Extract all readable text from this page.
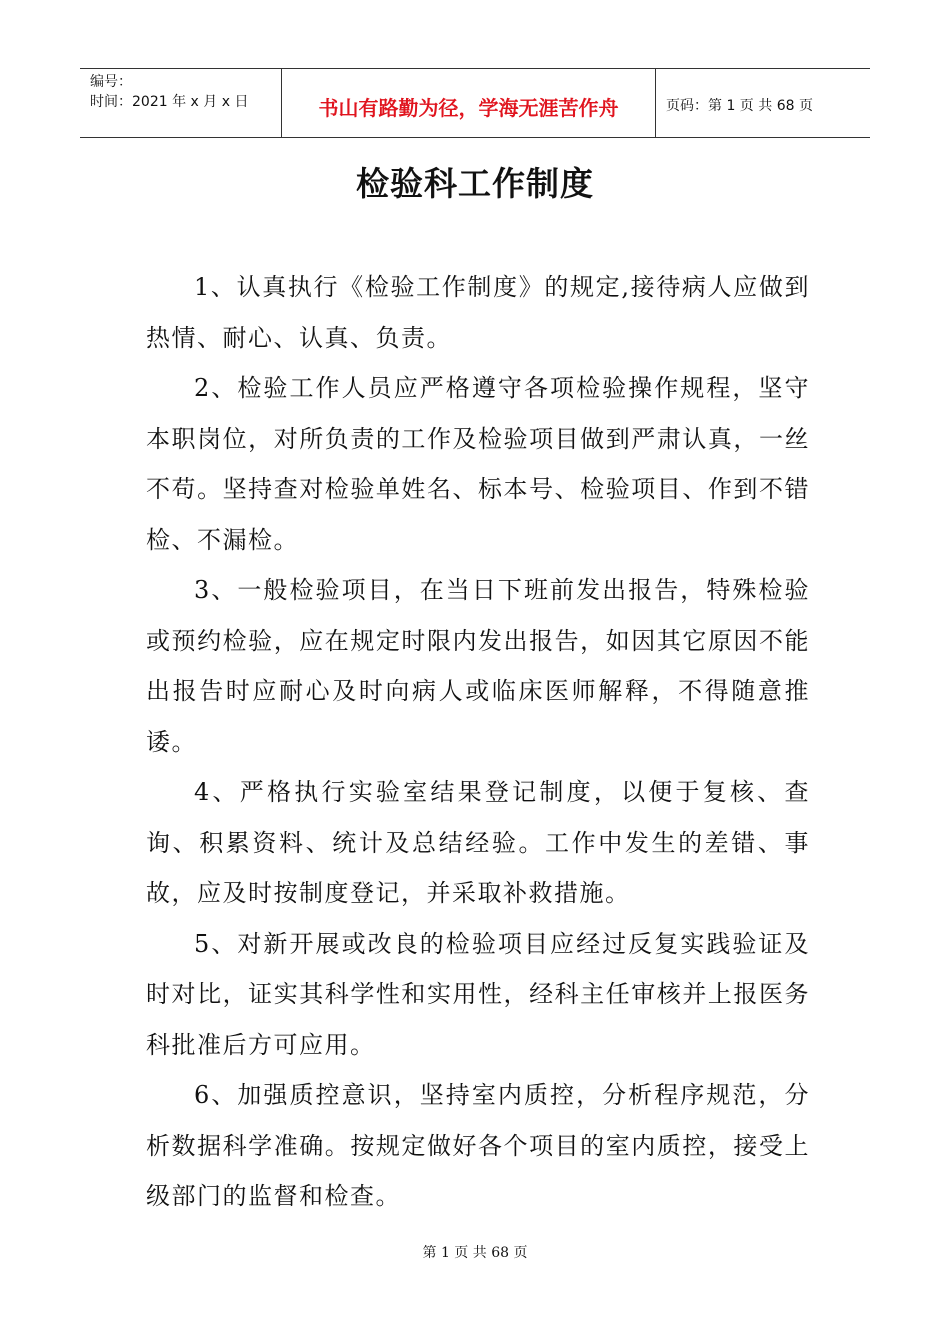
编号：
时间：2021 年 x 月 x 日	书山有路勤为径，学海无涯苦作舟	页码：第 1 页 共 68 页
检验科工作制度

1、认真执行《检验工作制度》的规定,接待病人应做到热情、耐心、认真、负责。

2、检验工作人员应严格遵守各项检验操作规程，坚守本职岗位，对所负责的工作及检验项目做到严肃认真，一丝不苟。坚持查对检验单姓名、标本号、检验项目、作到不错检、不漏检。

3、一般检验项目，在当日下班前发出报告，特殊检验或预约检验，应在规定时限内发出报告，如因其它原因不能出报告时应耐心及时向病人或临床医师解释，不得随意推诿。

4、严格执行实验室结果登记制度，以便于复核、查询、积累资料、统计及总结经验。工作中发生的差错、事故，应及时按制度登记，并采取补救措施。

5、对新开展或改良的检验项目应经过反复实践验证及时对比，证实其科学性和实用性，经科主任审核并上报医务科批准后方可应用。

6、加强质控意识，坚持室内质控，分析程序规范，分析数据科学准确。按规定做好各个项目的室内质控，接受上级部门的监督和检查。

第 1 页 共 68 页
